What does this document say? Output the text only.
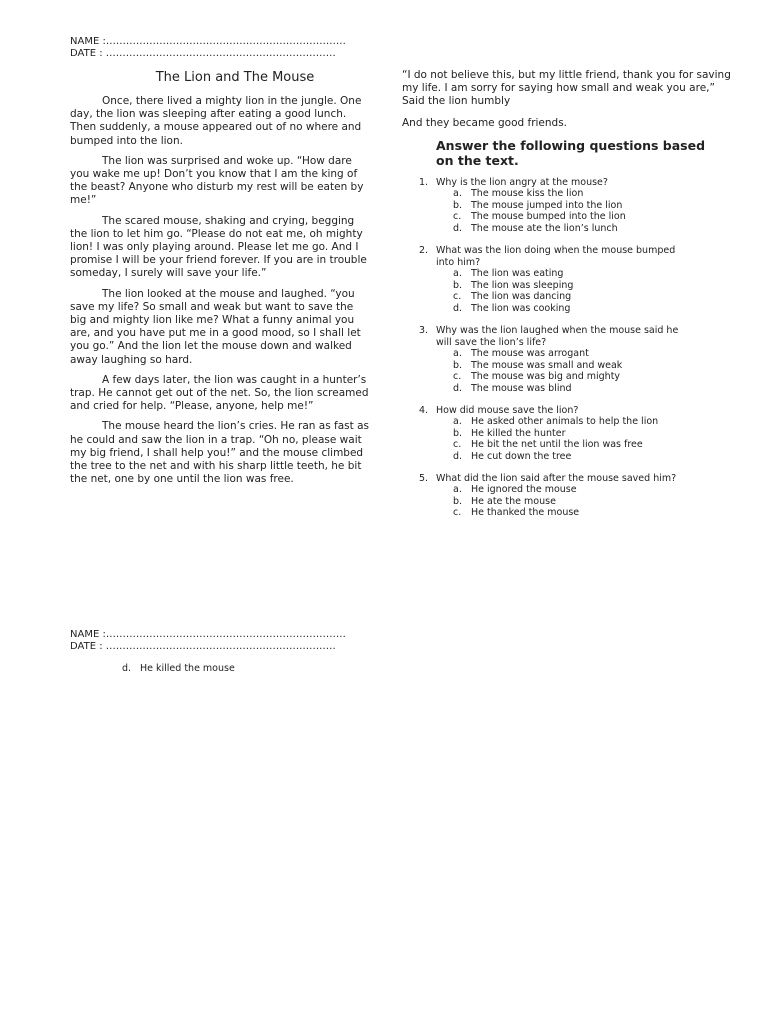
NAME :………………………………………………………………
DATE : ……………………………………………………………
The Lion and The Mouse

Once, there lived a mighty lion in the jungle. One day, the lion was sleeping after eating a good lunch. Then suddenly, a mouse appeared out of no where and bumped into the lion.

The lion was surprised and woke up. “How dare you wake me up! Don’t you know that I am the king of the beast? Anyone who disturb my rest will be eaten by me!”

The scared mouse, shaking and crying, begging the lion to let him go. “Please do not eat me, oh mighty lion! I was only playing around. Please let me go. And I promise I will be your friend forever. If you are in trouble someday, I surely will save your life.”

The lion looked at the mouse and laughed. “you save my life? So small and weak but want to save the big and mighty lion like me? What a funny animal you are, and you have put me in a good mood, so I shall let you go.” And the lion let the mouse down and walked away laughing so hard.

A few days later, the lion was caught in a hunter’s trap. He cannot get out of the net. So, the lion screamed and cried for help. “Please, anyone, help me!”

The mouse heard the lion’s cries. He ran as fast as he could and saw the lion in a trap. “Oh no, please wait my big friend, I shall help you!” and the mouse climbed the tree to the net and with his sharp little teeth, he bit the net, one by one until the lion was free.

“I do not believe this, but my little friend, thank you for saving my life. I am sorry for saying how small and weak you are,” Said the lion humbly
And they became good friends.
Answer the following questions based on the text.
1. Why is the lion angry at the mouse?
a. The mouse kiss the lion
b. The mouse jumped into the lion
c. The mouse bumped into the lion
d. The mouse ate the lion’s lunch
2. What was the lion doing when the mouse bumped into him?
a. The lion was eating
b. The lion was sleeping
c. The lion was dancing
d. The lion was cooking
3. Why was the lion laughed when the mouse said he will save the lion’s life?
a. The mouse was arrogant
b. The mouse was small and weak
c. The mouse was big and mighty
d. The mouse was blind
4. How did mouse save the lion?
a. He asked other animals to help the lion
b. He killed the hunter
c. He bit the net until the lion was free
d. He cut down the tree
5. What did the lion said after the mouse saved him?
a. He ignored the mouse
b. He ate the mouse
c. He thanked the mouse
NAME :………………………………………………………………
DATE : ……………………………………………………………
d. He killed the mouse
